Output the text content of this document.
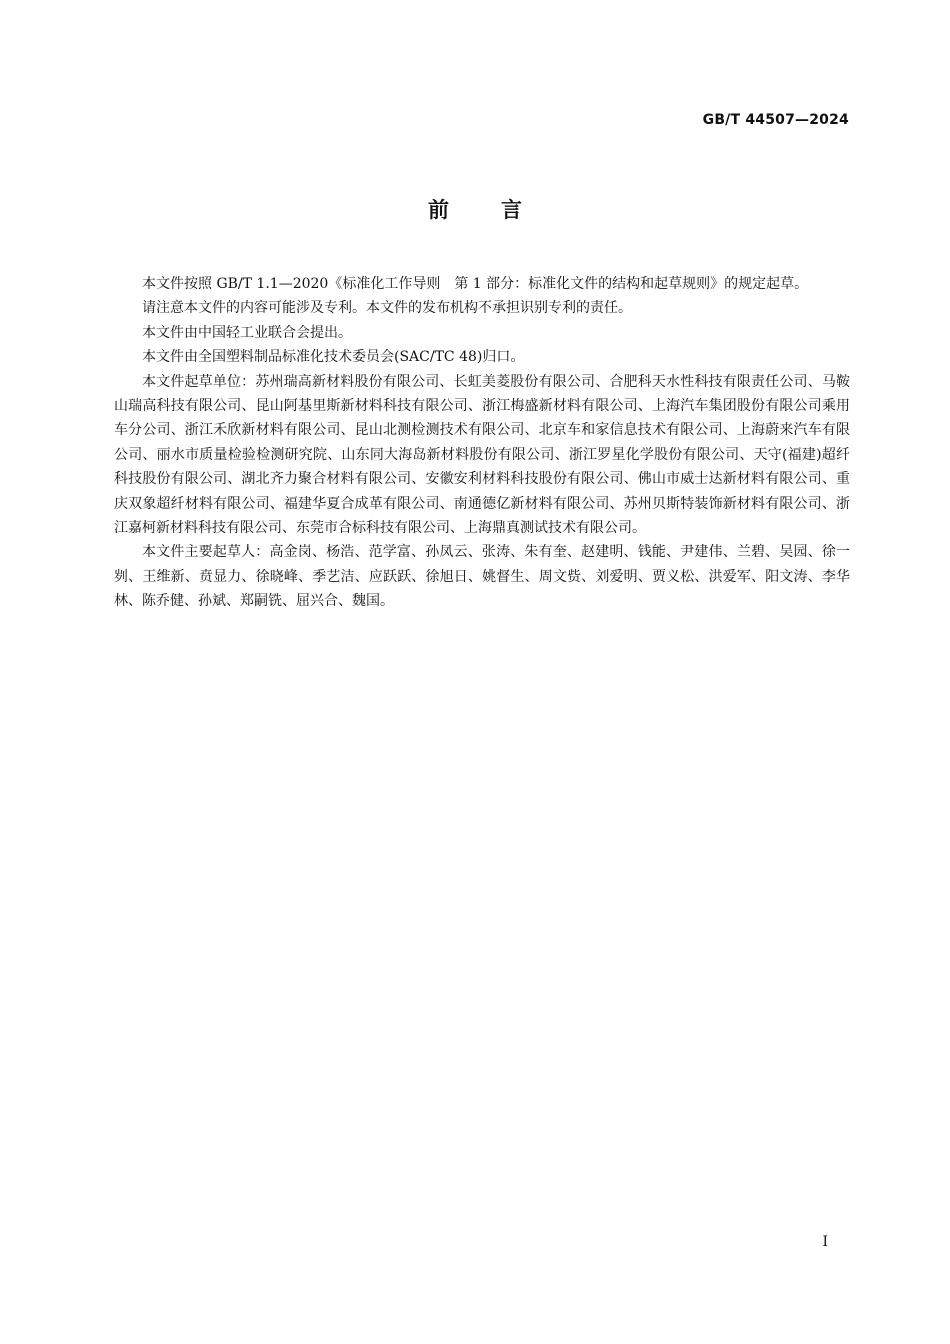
GB/T 44507—2024
前言

本文件按照 GB/T 1.1—2020《标准化工作导则　第 1 部分：标准化文件的结构和起草规则》的规定起草。

请注意本文件的内容可能涉及专利。本文件的发布机构不承担识别专利的责任。

本文件由中国轻工业联合会提出。

本文件由全国塑料制品标准化技术委员会(SAC/TC 48)归口。

本文件起草单位：苏州瑞高新材料股份有限公司、长虹美菱股份有限公司、合肥科天水性科技有限责任公司、马鞍山瑞高科技有限公司、昆山阿基里斯新材料科技有限公司、浙江梅盛新材料有限公司、上海汽车集团股份有限公司乘用车分公司、浙江禾欣新材料有限公司、昆山北测检测技术有限公司、北京车和家信息技术有限公司、上海蔚来汽车有限公司、丽水市质量检验检测研究院、山东同大海岛新材料股份有限公司、浙江罗星化学股份有限公司、天守(福建)超纤科技股份有限公司、湖北齐力聚合材料有限公司、安徽安利材料科技股份有限公司、佛山市威士达新材料有限公司、重庆双象超纤材料有限公司、福建华夏合成革有限公司、南通德亿新材料有限公司、苏州贝斯特装饰新材料有限公司、浙江嘉柯新材料科技有限公司、东莞市合标科技有限公司、上海鼎真测试技术有限公司。

本文件主要起草人：高金岗、杨浩、范学富、孙凤云、张涛、朱有奎、赵建明、钱能、尹建伟、兰碧、吴园、徐一刿、王维新、贲显力、徐晓峰、季艺洁、应跃跃、徐旭日、姚督生、周文赀、刘爱明、贾义松、洪爱军、阳文涛、李华林、陈乔健、孙斌、郑嗣铣、屈兴合、魏国。

I
